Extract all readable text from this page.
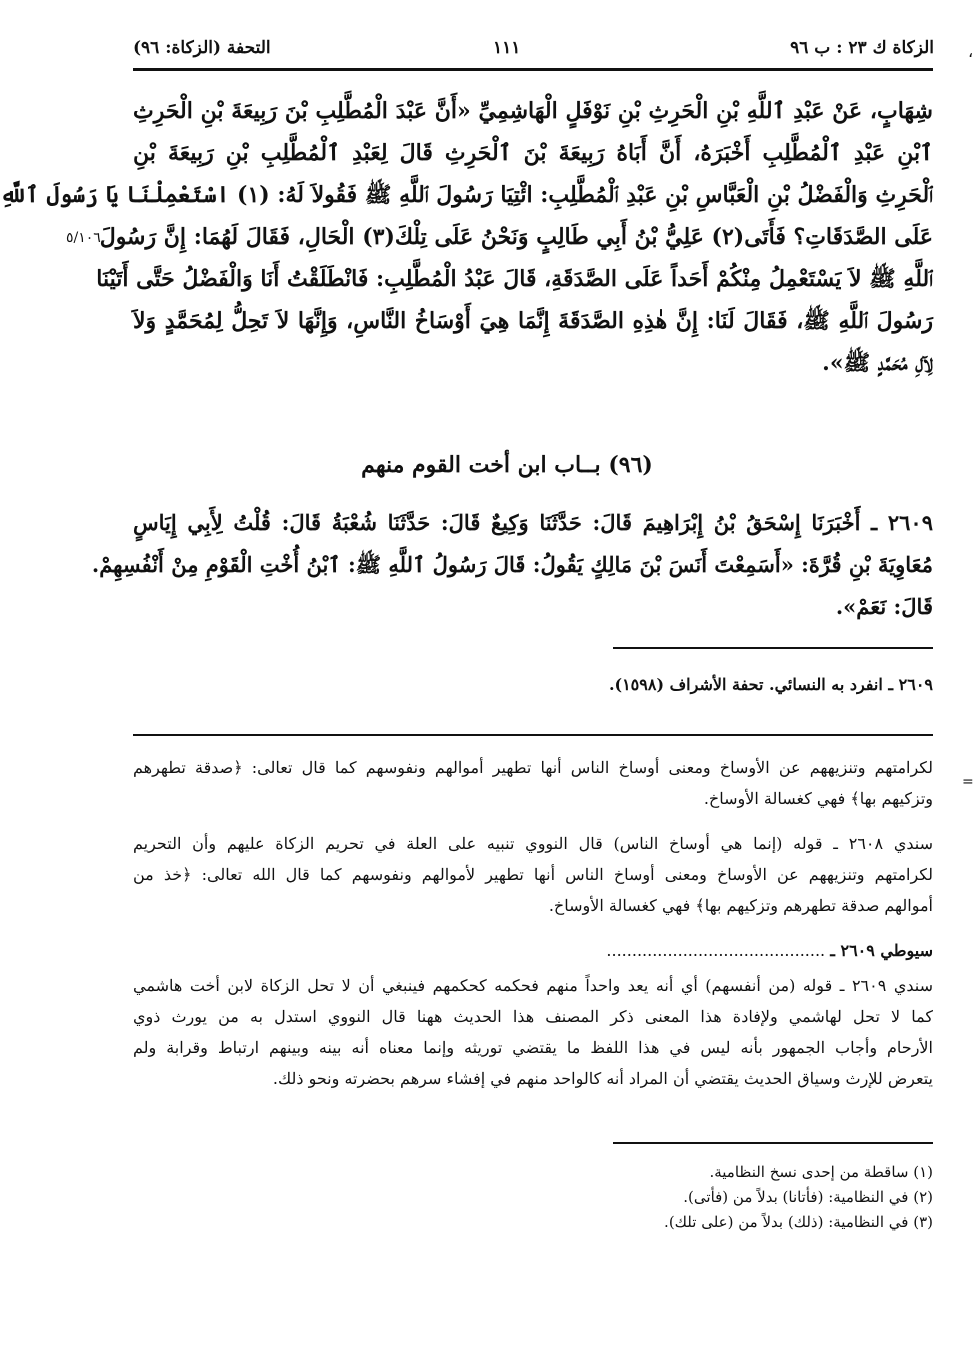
الزكاة ك ٢٣ : ب ٩٦
١١١
التحفة (الزكاة: ٩٦)	،
شِهَابٍ، عَنْ عَبْدِ ٱللَّهِ بْنِ الْحَرِثِ بْنِ نَوْفَلٍ الْهَاشِمِيِّ «أَنَّ عَبْدَ الْمُطَّلِبِ بْنَ رَبِيعَةَ بْنِ الْحَرِثِ
ٱبْنِ عَبْدِ ٱلْمُطَّلِبِ أَخْبَرَهُ، أَنَّ أَبَاهُ رَبِيعَةَ بْنَ ٱلْحَرِثِ قَالَ لِعَبْدِ ٱلْمُطَّلِبِ بْنِ رَبِيعَةَ بْنِ
ٱلْحَرِثِ وَالْفَضْلُ بْنِ الْعَبَّاسِ بْنِ عَبْدِ ٱلْمُطَّلِبِ: ائْتِيَا رَسُولَ ٱللَّهِ ﷺ فَقُولاَ لَهُ: (١) اسْتَعْمِلْنَا يَا رَسُولَ ٱللَّهِ
عَلَى الصَّدَقَاتِ؟ فَأَتَى(٢) عَلِيُّ بْنُ أَبِي طَالِبٍ وَنَحْنُ عَلَى تِلْكَ(٣) الْحَالِ، فَقَالَ لَهُمَا: إِنَّ رَسُولَ
ٱللَّهِ ﷺ لاَ يَسْتَعْمِلُ مِنْكُمْ أَحَداً عَلَى الصَّدَقَةِ، قَالَ عَبْدُ الْمُطَّلِبِ: فَانْطَلَقْتُ أَنَا وَالْفَضْلُ حَتَّى أَتَيْنَا
رَسُولَ ٱللَّهِ ﷺ، فَقَالَ لَنَا: إِنَّ هٰذِهِ الصَّدَقَةَ إِنَّمَا هِيَ أَوْسَاخُ النَّاسِ، وَإِنَّهَا لاَ تَحِلُّ لِمُحَمَّدٍ وَلاَ
لِآلِ مُحَمَّدٍ ﷺ».
٥/١٠٦
(٩٦) بــاب ابن أخت القوم منهم
٢٦٠٩ ـ أَخْبَرَنَا إِسْحَقُ بْنُ إِبْرَاهِيمَ قَالَ: حَدَّثَنَا وَكِيعٌ قَالَ: حَدَّثَنَا شُعْبَةُ قَالَ: قُلْتُ لِأَبِي إِيَاسٍ
مُعَاوِيَةَ بْنِ قُرَّةَ: «أَسَمِعْتَ أَنَسَ بْنَ مَالِكٍ يَقُولُ: قَالَ رَسُولُ ٱللَّهِ ﷺ: ٱبْنُ أُخْتِ الْقَوْمِ مِنْ أَنْفُسِهِمْ.
قَالَ: نَعَمْ».
٢٦٠٩ ـ انفرد به النسائي. تحفة الأشراف (١٥٩٨).
=
لكرامتهم وتنزيههم عن الأوساخ ومعنى أوساخ الناس أنها تطهير أموالهم ونفوسهم كما قال تعالى: ﴿صدقة تطهرهم
وتزكيهم بها﴾ فهي كغسالة الأوساخ.
سندي ٢٦٠٨ ـ قوله (إنما هي أوساخ الناس) قال النووي تنبيه على العلة في تحريم الزكاة عليهم وأن التحريم
لكرامتهم وتنزيههم عن الأوساخ ومعنى أوساخ الناس أنها تطهير لأموالهم ونفوسهم كما قال الله تعالى: ﴿خذ من
أموالهم صدقة تطهرهم وتزكيهم بها﴾ فهي كغسالة الأوساخ.
سيوطي ٢٦٠٩ ـ ...........................................
سندي ٢٦٠٩ ـ قوله (من أنفسهم) أي أنه يعد واحداً منهم فحكمه كحكمهم فينبغي أن لا تحل الزكاة لابن أخت هاشمي
كما لا تحل لهاشمي ولإفادة هذا المعنى ذكر المصنف هذا الحديث ههنا قال النووي استدل به من يورث ذوي
الأرحام وأجاب الجمهور بأنه ليس في هذا اللفظ ما يقتضي توريثه وإنما معناه أنه بينه وبينهم ارتباط وقرابة ولم
يتعرض للإرث وسياق الحديث يقتضي أن المراد أنه كالواحد منهم في إفشاء سرهم بحضرته ونحو ذلك.
(١) ساقطة من إحدى نسخ النظامية.
(٢) في النظامية: (فأتانا) بدلاً من (فأتى).
(٣) في النظامية: (ذلك) بدلاً من (على تلك).
